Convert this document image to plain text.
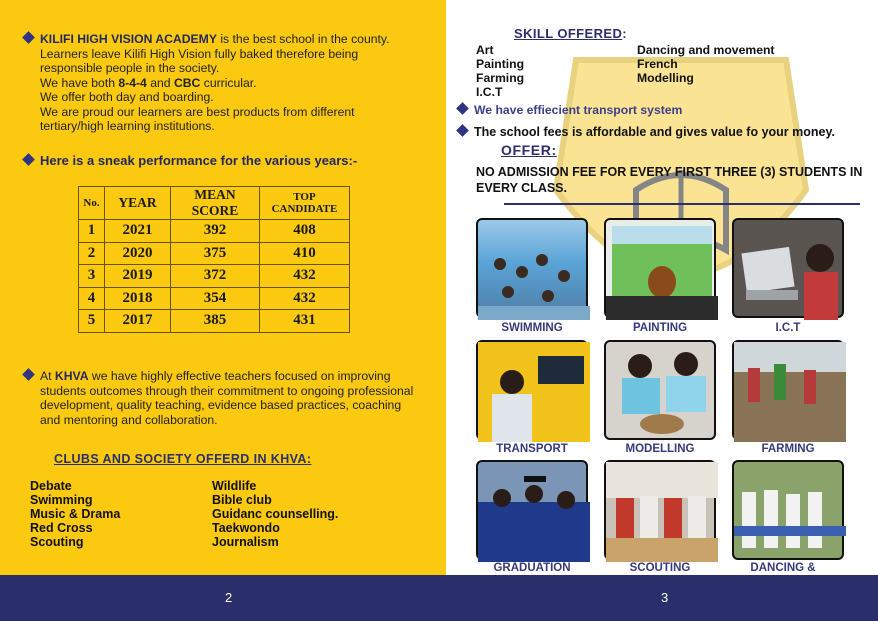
KILIFI HIGH VISION ACADEMY is the best school in the county.
Learners leave Kilifi High Vision fully baked therefore being
responsible people in the society.
We have both 8-4-4 and CBC curricular.
We offer both day and boarding.
We are proud our learners are best products from different
tertiary/high learning institutions.
Here is a sneak performance for the various years:-
No.	YEAR	MEAN SCORE	TOP CANDIDATE
1	2021	392	408
2	2020	375	410
3	2019	372	432
4	2018	354	432
5	2017	385	431
At KHVA we have highly effective teachers focused on improving
students outcomes through their commitment to ongoing professional
development, quality teaching, evidence based practices, coaching
and mentoring and collaboration.
CLUBS AND SOCIETY OFFERD IN KHVA:
Debate
Swimming
Music & Drama
Red Cross
Scouting
Wildlife
Bible club
Guidanc counselling.
Taekwondo
Journalism
SKILL OFFERED:
Art
Painting
Farming
I.C.T
Dancing and movement
French
Modelling
We have effiecient transport system
The school fees is affordable and gives value fo your money.
OFFER:
NO ADMISSION FEE FOR EVERY FIRST THREE (3) STUDENTS IN EVERY CLASS.
SWIMMING	PAINTING	I.C.T
TRANSPORT	MODELLING	FARMING
GRADUATION	SCOUTING	DANCING &
2	3
